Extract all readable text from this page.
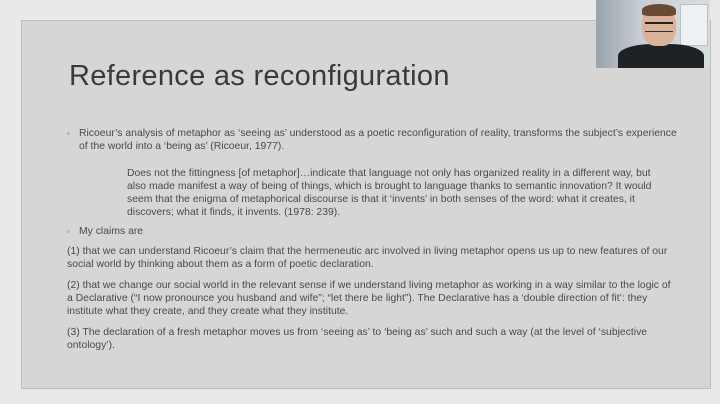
Reference as reconfiguration
◦ Ricoeur’s analysis of metaphor as ‘seeing as’ understood as a poetic reconfiguration of reality, transforms the subject’s experience of the world into a ‘being as’ (Ricoeur, 1977).
Does not the fittingness [of metaphor]…indicate that language not only has organized reality in a different way, but also made manifest a way of being of things, which is brought to language thanks to semantic innovation? It would seem that the enigma of metaphorical discourse is that it ‘invents’ in both senses of the word: what it creates, it discovers; what it finds, it invents. (1978: 239).
◦ My claims are
(1) that we can understand Ricoeur’s claim that the hermeneutic arc involved in living metaphor opens us up to new features of our social world by thinking about them as a form of poetic declaration.
(2) that we change our social world in the relevant sense if we understand living metaphor as working in a way similar to the logic of a Declarative (“I now pronounce you husband and wife”; “let there be light”). The Declarative has a ‘double direction of fit’: they institute what they create, and they create what they institute.
(3) The declaration of a fresh metaphor moves us from ‘seeing as’ to ‘being as’ such and such a way (at the level of ‘subjective ontology’).
